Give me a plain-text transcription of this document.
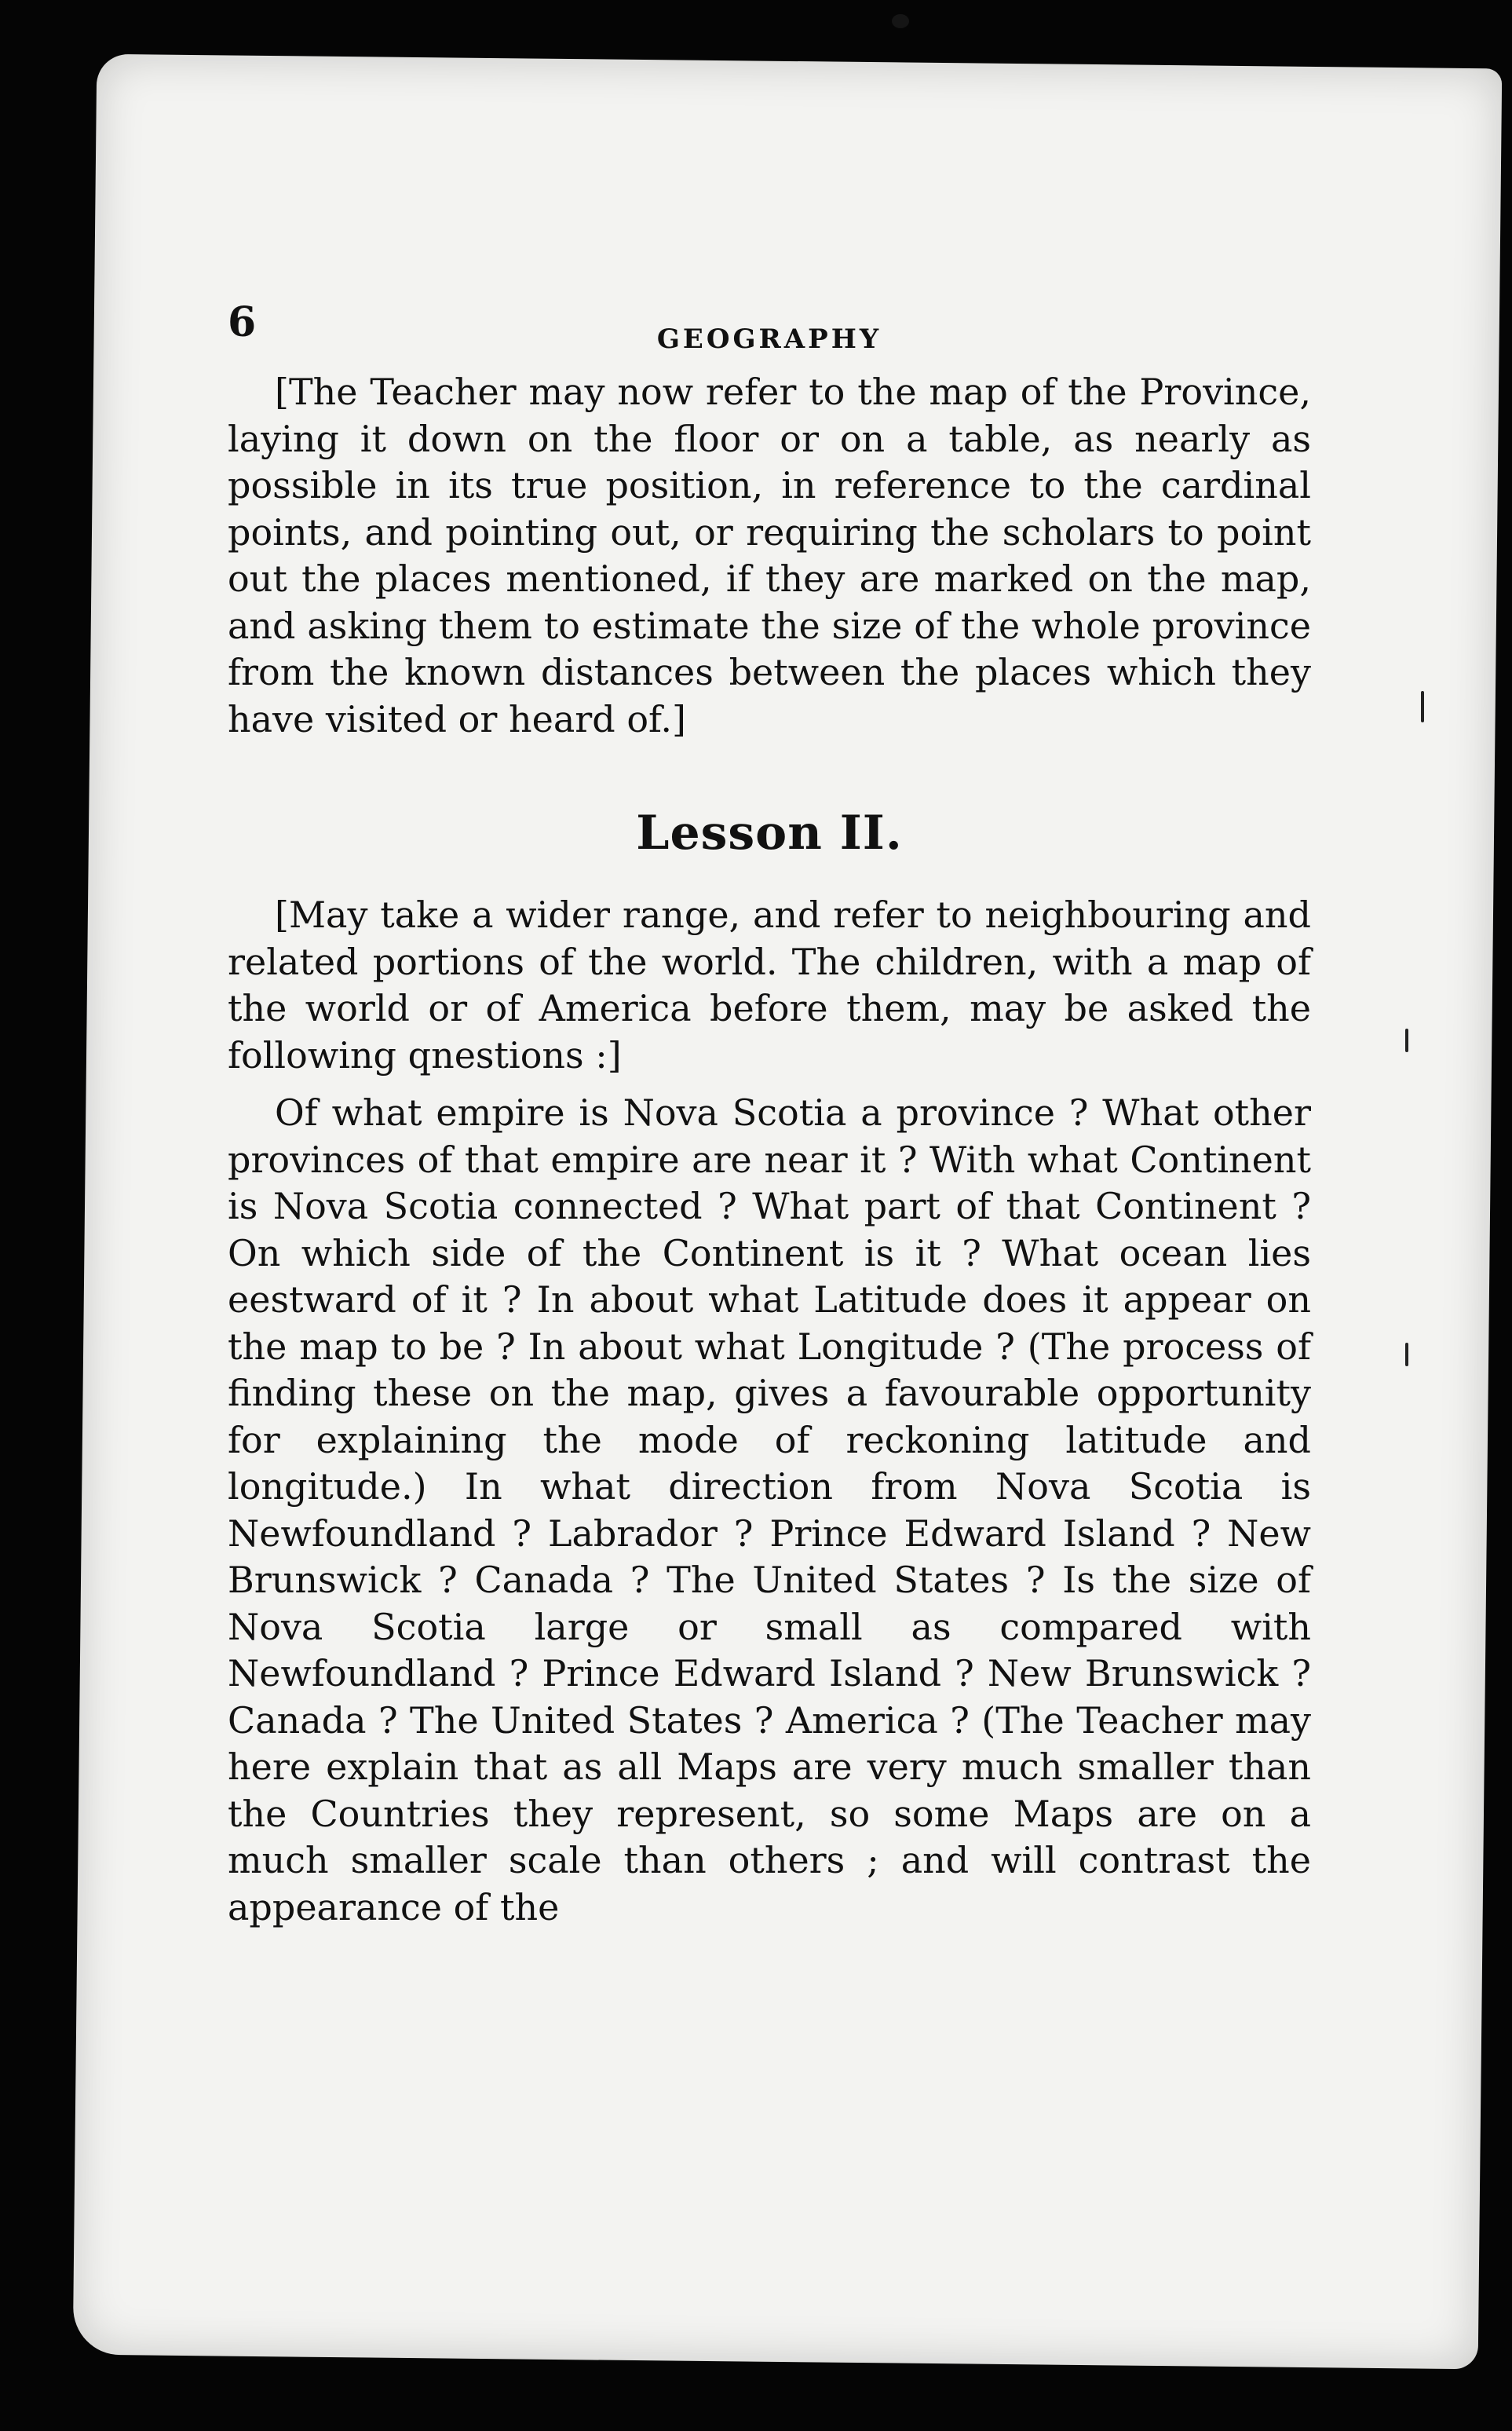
6	GEOGRAPHY

[The Teacher may now refer to the map of the Province, laying it down on the floor or on a table, as nearly as possible in its true position, in reference to the cardinal points, and pointing out, or requiring the scholars to point out the places mentioned, if they are marked on the map, and asking them to estimate the size of the whole province from the known distances between the places which they have visited or heard of.]

Lesson II.

[May take a wider range, and refer to neighbouring and related portions of the world. The children, with a map of the world or of America before them, may be asked the following qnestions :]

Of what empire is Nova Scotia a province ? What other provinces of that empire are near it ? With what Continent is Nova Scotia connected ? What part of that Continent ? On which side of the Continent is it ? What ocean lies eestward of it ? In about what Latitude does it appear on the map to be ? In about what Longitude ? (The process of finding these on the map, gives a favourable opportunity for explaining the mode of reckoning latitude and longitude.) In what direction from Nova Scotia is Newfoundland ? Labrador ? Prince Edward Island ? New Brunswick ? Canada ? The United States ? Is the size of Nova Scotia large or small as compared with Newfoundland ? Prince Edward Island ? New Brunswick ? Canada ? The United States ? America ? (The Teacher may here explain that as all Maps are very much smaller than the Countries they represent, so some Maps are on a much smaller scale than others ; and will contrast the appearance of the
